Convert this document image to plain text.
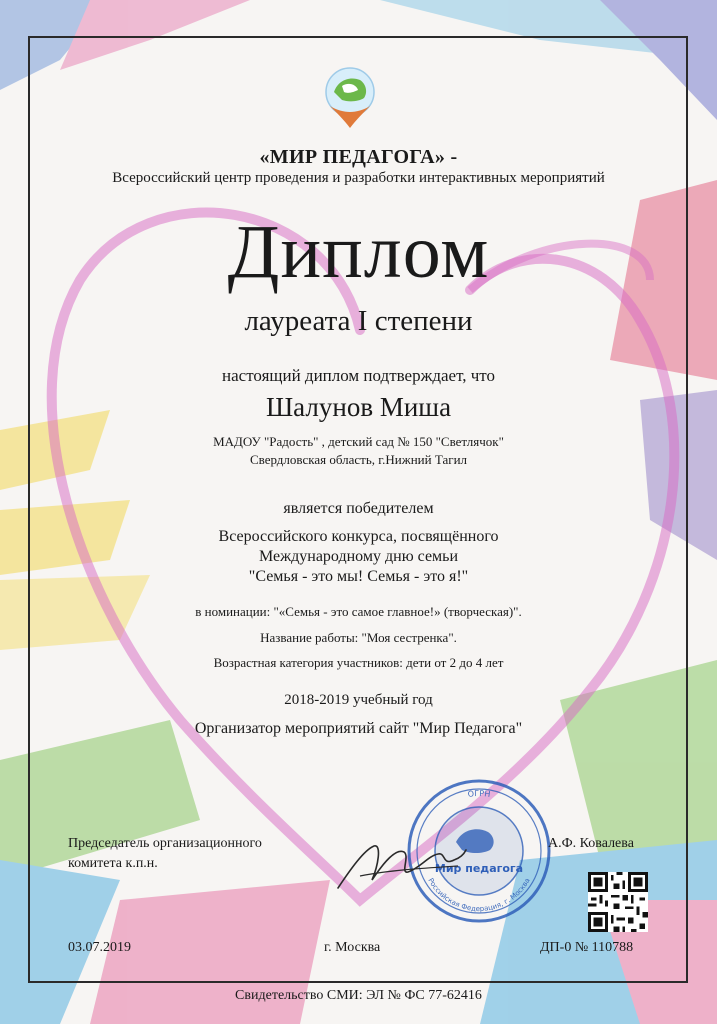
«МИР ПЕДАГОГА» -
Всероссийский центр проведения и разработки интерактивных мероприятий
Диплом
лауреата I степени
настоящий диплом подтверждает, что
Шалунов Миша
МАДОУ "Радость" , детский сад № 150 "Светлячок"
Свердловская область, г.Нижний Тагил
является победителем
Всероссийского конкурса, посвящённого
Международному дню семьи
"Семья - это мы! Семья - это я!"
в номинации: "«Семья - это самое главное!» (творческая)".
Название работы: "Моя сестренка".
Возрастная категория участников: дети от 2 до 4 лет
2018-2019 учебный год
Организатор мероприятий сайт "Мир Педагога"
ОГРН
Российская Федерация, г. Москва
Мир педагога
Председатель организационного
комитета к.п.н.
А.Ф. Ковалева
03.07.2019	г. Москва	ДП-0 № 110788
Свидетельство СМИ: ЭЛ № ФС 77-62416
